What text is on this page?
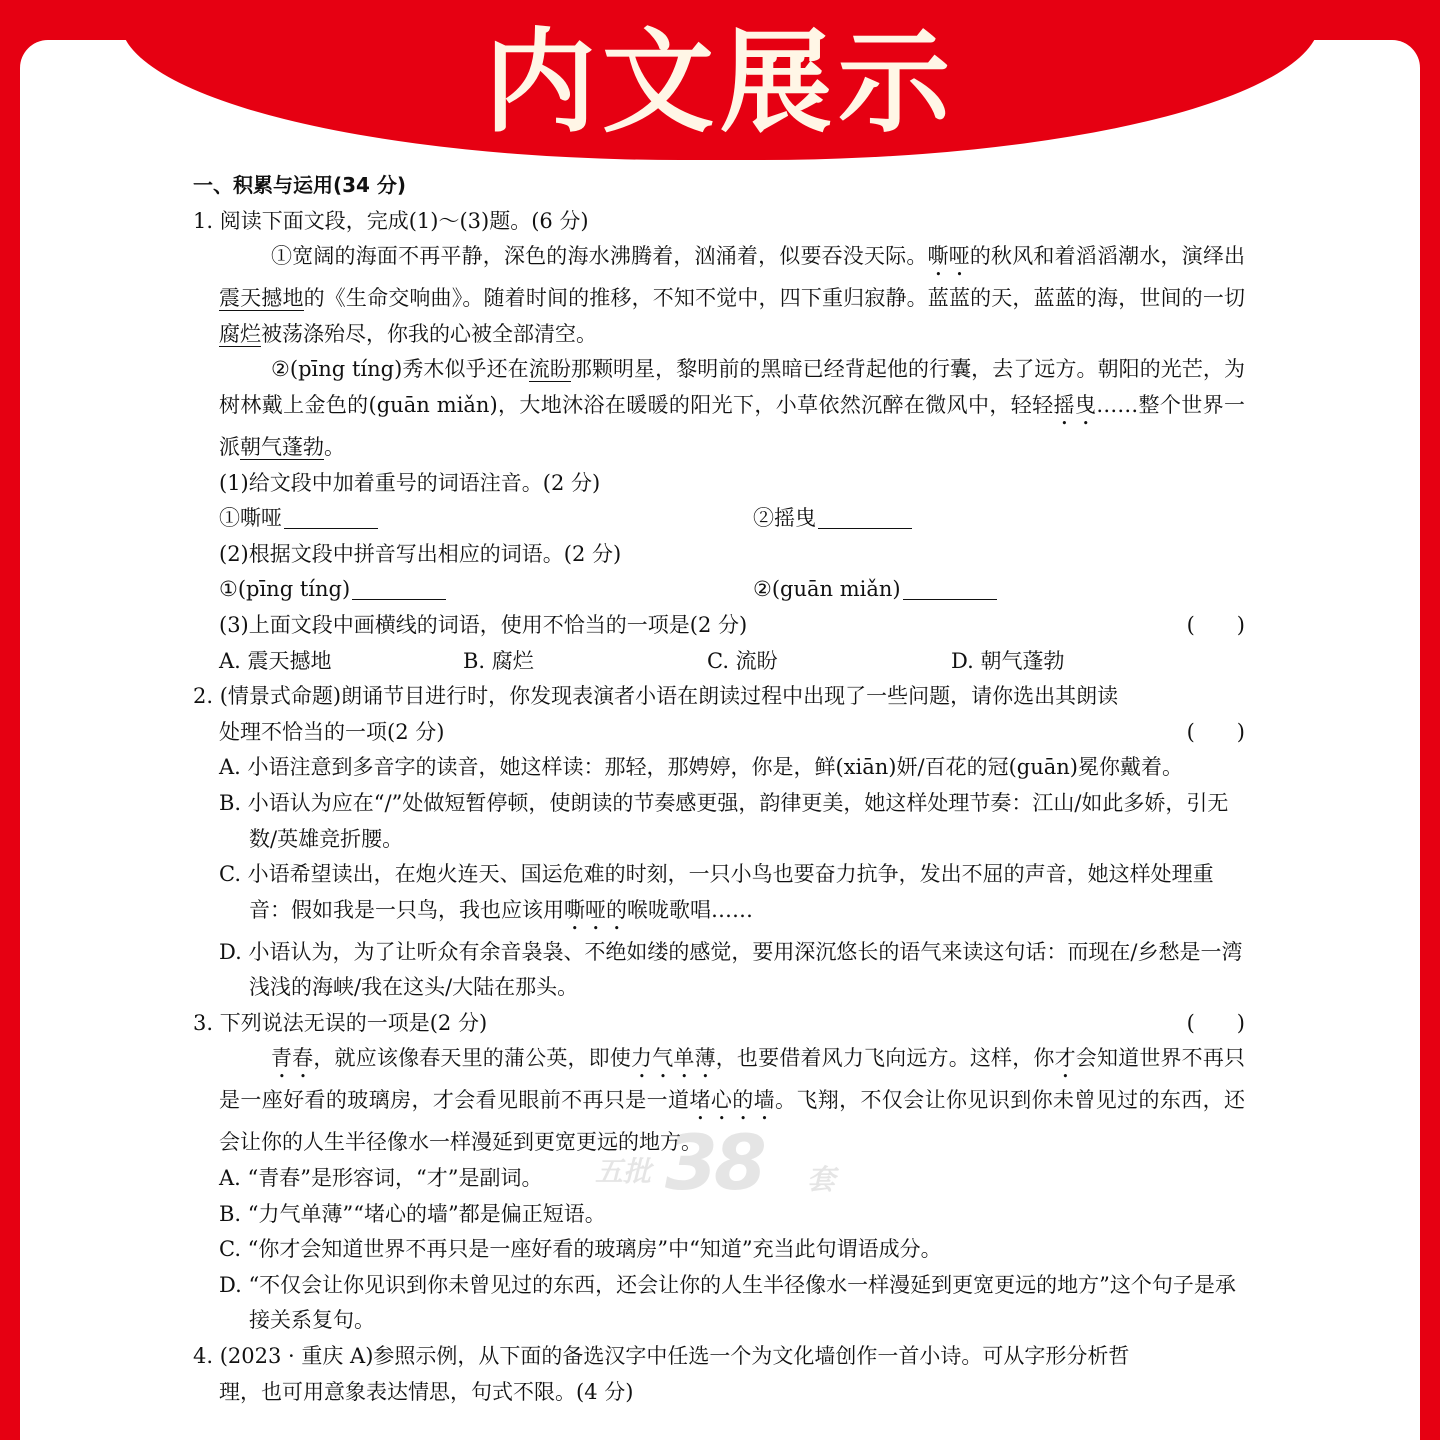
内文展示
一、积累与运用(34 分)
1. 阅读下面文段，完成(1)～(3)题。(6 分)

①宽阔的海面不再平静，深色的海水沸腾着，汹涌着，似要吞没天际。嘶哑的秋风和着滔滔潮水，演绎出震天撼地的《生命交响曲》。随着时间的推移，不知不觉中，四下重归寂静。蓝蓝的天，蓝蓝的海，世间的一切腐烂被荡涤殆尽，你我的心被全部清空。

②(pīng tíng)秀木似乎还在流盼那颗明星，黎明前的黑暗已经背起他的行囊，去了远方。朝阳的光芒，为树林戴上金色的(guān miǎn)，大地沐浴在暖暖的阳光下，小草依然沉醉在微风中，轻轻摇曳……整个世界一派朝气蓬勃。

(1)给文段中加着重号的词语注音。(2 分)
①嘶哑	②摇曳
(2)根据文段中拼音写出相应的词语。(2 分)
①(pīng tíng)	②(guān miǎn)
(3)上面文段中画横线的词语，使用不恰当的一项是(2 分)	(　　)
A. 震天撼地	B. 腐烂	C. 流盼	D. 朝气蓬勃
2. (情景式命题)朗诵节目进行时，你发现表演者小语在朗读过程中出现了一些问题，请你选出其朗读
处理不恰当的一项(2 分)	(　　)
A. 小语注意到多音字的读音，她这样读：那轻，那娉婷，你是，鲜(xiān)妍/百花的冠(guān)冕你戴着。
B. 小语认为应在“/”处做短暂停顿，使朗读的节奏感更强，韵律更美，她这样处理节奏：江山/如此多娇，引无数/英雄竞折腰。
C. 小语希望读出，在炮火连天、国运危难的时刻，一只小鸟也要奋力抗争，发出不屈的声音，她这样处理重音：假如我是一只鸟，我也应该用嘶哑的喉咙歌唱……
D. 小语认为，为了让听众有余音袅袅、不绝如缕的感觉，要用深沉悠长的语气来读这句话：而现在/乡愁是一湾浅浅的海峡/我在这头/大陆在那头。
3. 下列说法无误的一项是(2 分)	(　　)

青春，就应该像春天里的蒲公英，即使力气单薄，也要借着风力飞向远方。这样，你才会知道世界不再只是一座好看的玻璃房，才会看见眼前不再只是一道堵心的墙。飞翔，不仅会让你见识到你未曾见过的东西，还会让你的人生半径像水一样漫延到更宽更远的地方。

A. “青春”是形容词，“才”是副词。
B. “力气单薄”“堵心的墙”都是偏正短语。
C. “你才会知道世界不再只是一座好看的玻璃房”中“知道”充当此句谓语成分。
D. “不仅会让你见识到你未曾见过的东西，还会让你的人生半径像水一样漫延到更宽更远的地方”这个句子是承接关系复句。
4. (2023 · 重庆 A)参照示例，从下面的备选汉字中任选一个为文化墙创作一首小诗。可从字形分析哲
理，也可用意象表达情思，句式不限。(4 分)
五批 38 套
